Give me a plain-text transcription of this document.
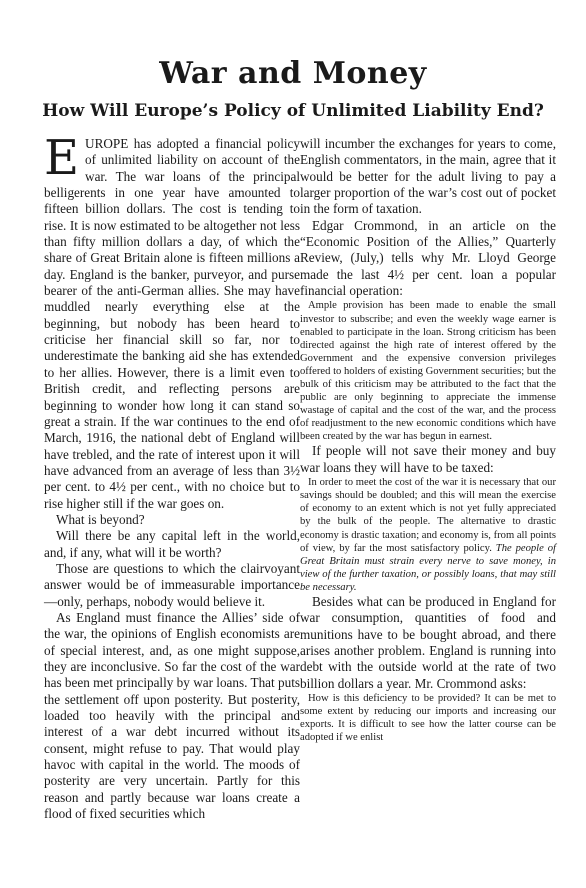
War and Money
How Will Europe’s Policy of Unlimited Liability End?

EUROPE has adopted a financial policy of unlimited liability on account of the war. The war loans of the principal belligerents in one year have amounted to fifteen billion dollars. The cost is tending to rise. It is now estimated to be altogether not less than fifty million dollars a day, of which the share of Great Britain alone is fifteen millions a day. England is the banker, purveyor, and purse bearer of the anti-German allies. She may have muddled nearly everything else at the beginning, but nobody has been heard to criticise her financial skill so far, nor to underestimate the banking aid she has extended to her allies. However, there is a limit even to British credit, and reflecting persons are beginning to wonder how long it can stand so great a strain. If the war continues to the end of March, 1916, the national debt of England will have trebled, and the rate of interest upon it will have advanced from an average of less than 3½ per cent. to 4½ per cent., with no choice but to rise higher still if the war goes on.

What is beyond?

Will there be any capital left in the world, and, if any, what will it be worth?

Those are questions to which the clairvoyant answer would be of immeasurable importance—only, perhaps, nobody would believe it.

As England must finance the Allies’ side of the war, the opinions of English economists are of special interest, and, as one might suppose, they are inconclusive. So far the cost of the war has been met principally by war loans. That puts the settlement off upon posterity. But posterity, loaded too heavily with the principal and interest of a war debt incurred without its consent, might refuse to pay. That would play havoc with capital in the world. The moods of posterity are very uncertain. Partly for this reason and partly because war loans create a flood of fixed securities which

will incumber the exchanges for years to come, English commentators, in the main, agree that it would be better for the adult living to pay a larger proportion of the war’s cost out of pocket in the form of taxation.

Edgar Crommond, in an article on the “Economic Position of the Allies,” Quarterly Review, (July,) tells why Mr. Lloyd George made the last 4½ per cent. loan a popular financial operation:

Ample provision has been made to enable the small investor to subscribe; and even the weekly wage earner is enabled to participate in the loan. Strong criticism has been directed against the high rate of interest offered by the Government and the expensive conversion privileges offered to holders of existing Government securities; but the bulk of this criticism may be attributed to the fact that the public are only beginning to appreciate the immense wastage of capital and the cost of the war, and the process of readjustment to the new economic conditions which have been created by the war has begun in earnest.

If people will not save their money and buy war loans they will have to be taxed:

In order to meet the cost of the war it is necessary that our savings should be doubled; and this will mean the exercise of economy to an extent which is not yet fully appreciated by the bulk of the people. The alternative to drastic economy is drastic taxation; and economy is, from all points of view, by far the most satisfactory policy. The people of Great Britain must strain every nerve to save money, in view of the further taxation, or possibly loans, that may still be necessary.

Besides what can be produced in England for war consumption, quantities of food and munitions have to be bought abroad, and there arises another problem. England is running into debt with the outside world at the rate of two billion dollars a year. Mr. Crommond asks:

How is this deficiency to be provided? It can be met to some extent by reducing our imports and increasing our exports. It is difficult to see how the latter course can be adopted if we enlist
